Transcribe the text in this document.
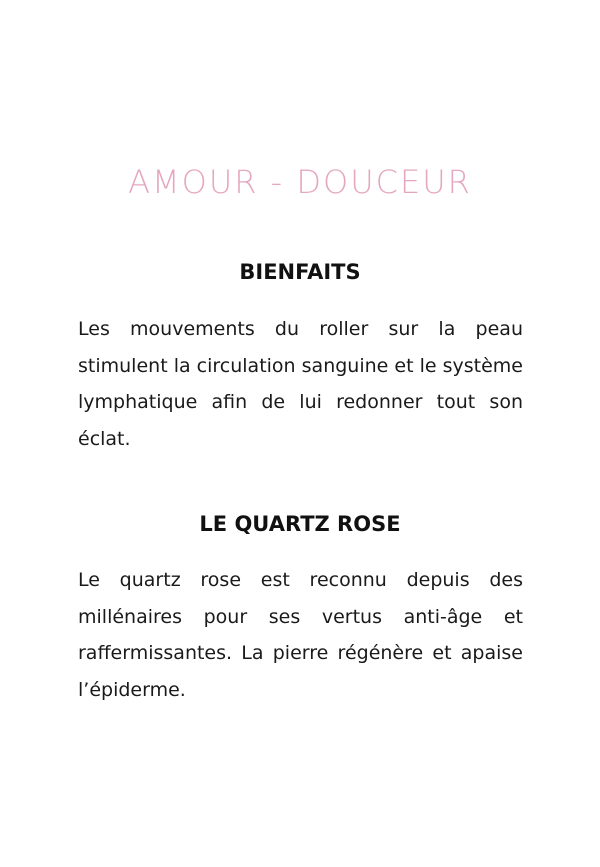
AMOUR - DOUCEUR
BIENFAITS

Les mouvements du roller sur la peau stimulent la circulation sanguine et le système lymphatique afin de lui redonner tout son éclat.

LE QUARTZ ROSE

Le quartz rose est reconnu depuis des millénaires pour ses vertus anti-âge et raffermissantes. La pierre régénère et apaise l’épiderme.
